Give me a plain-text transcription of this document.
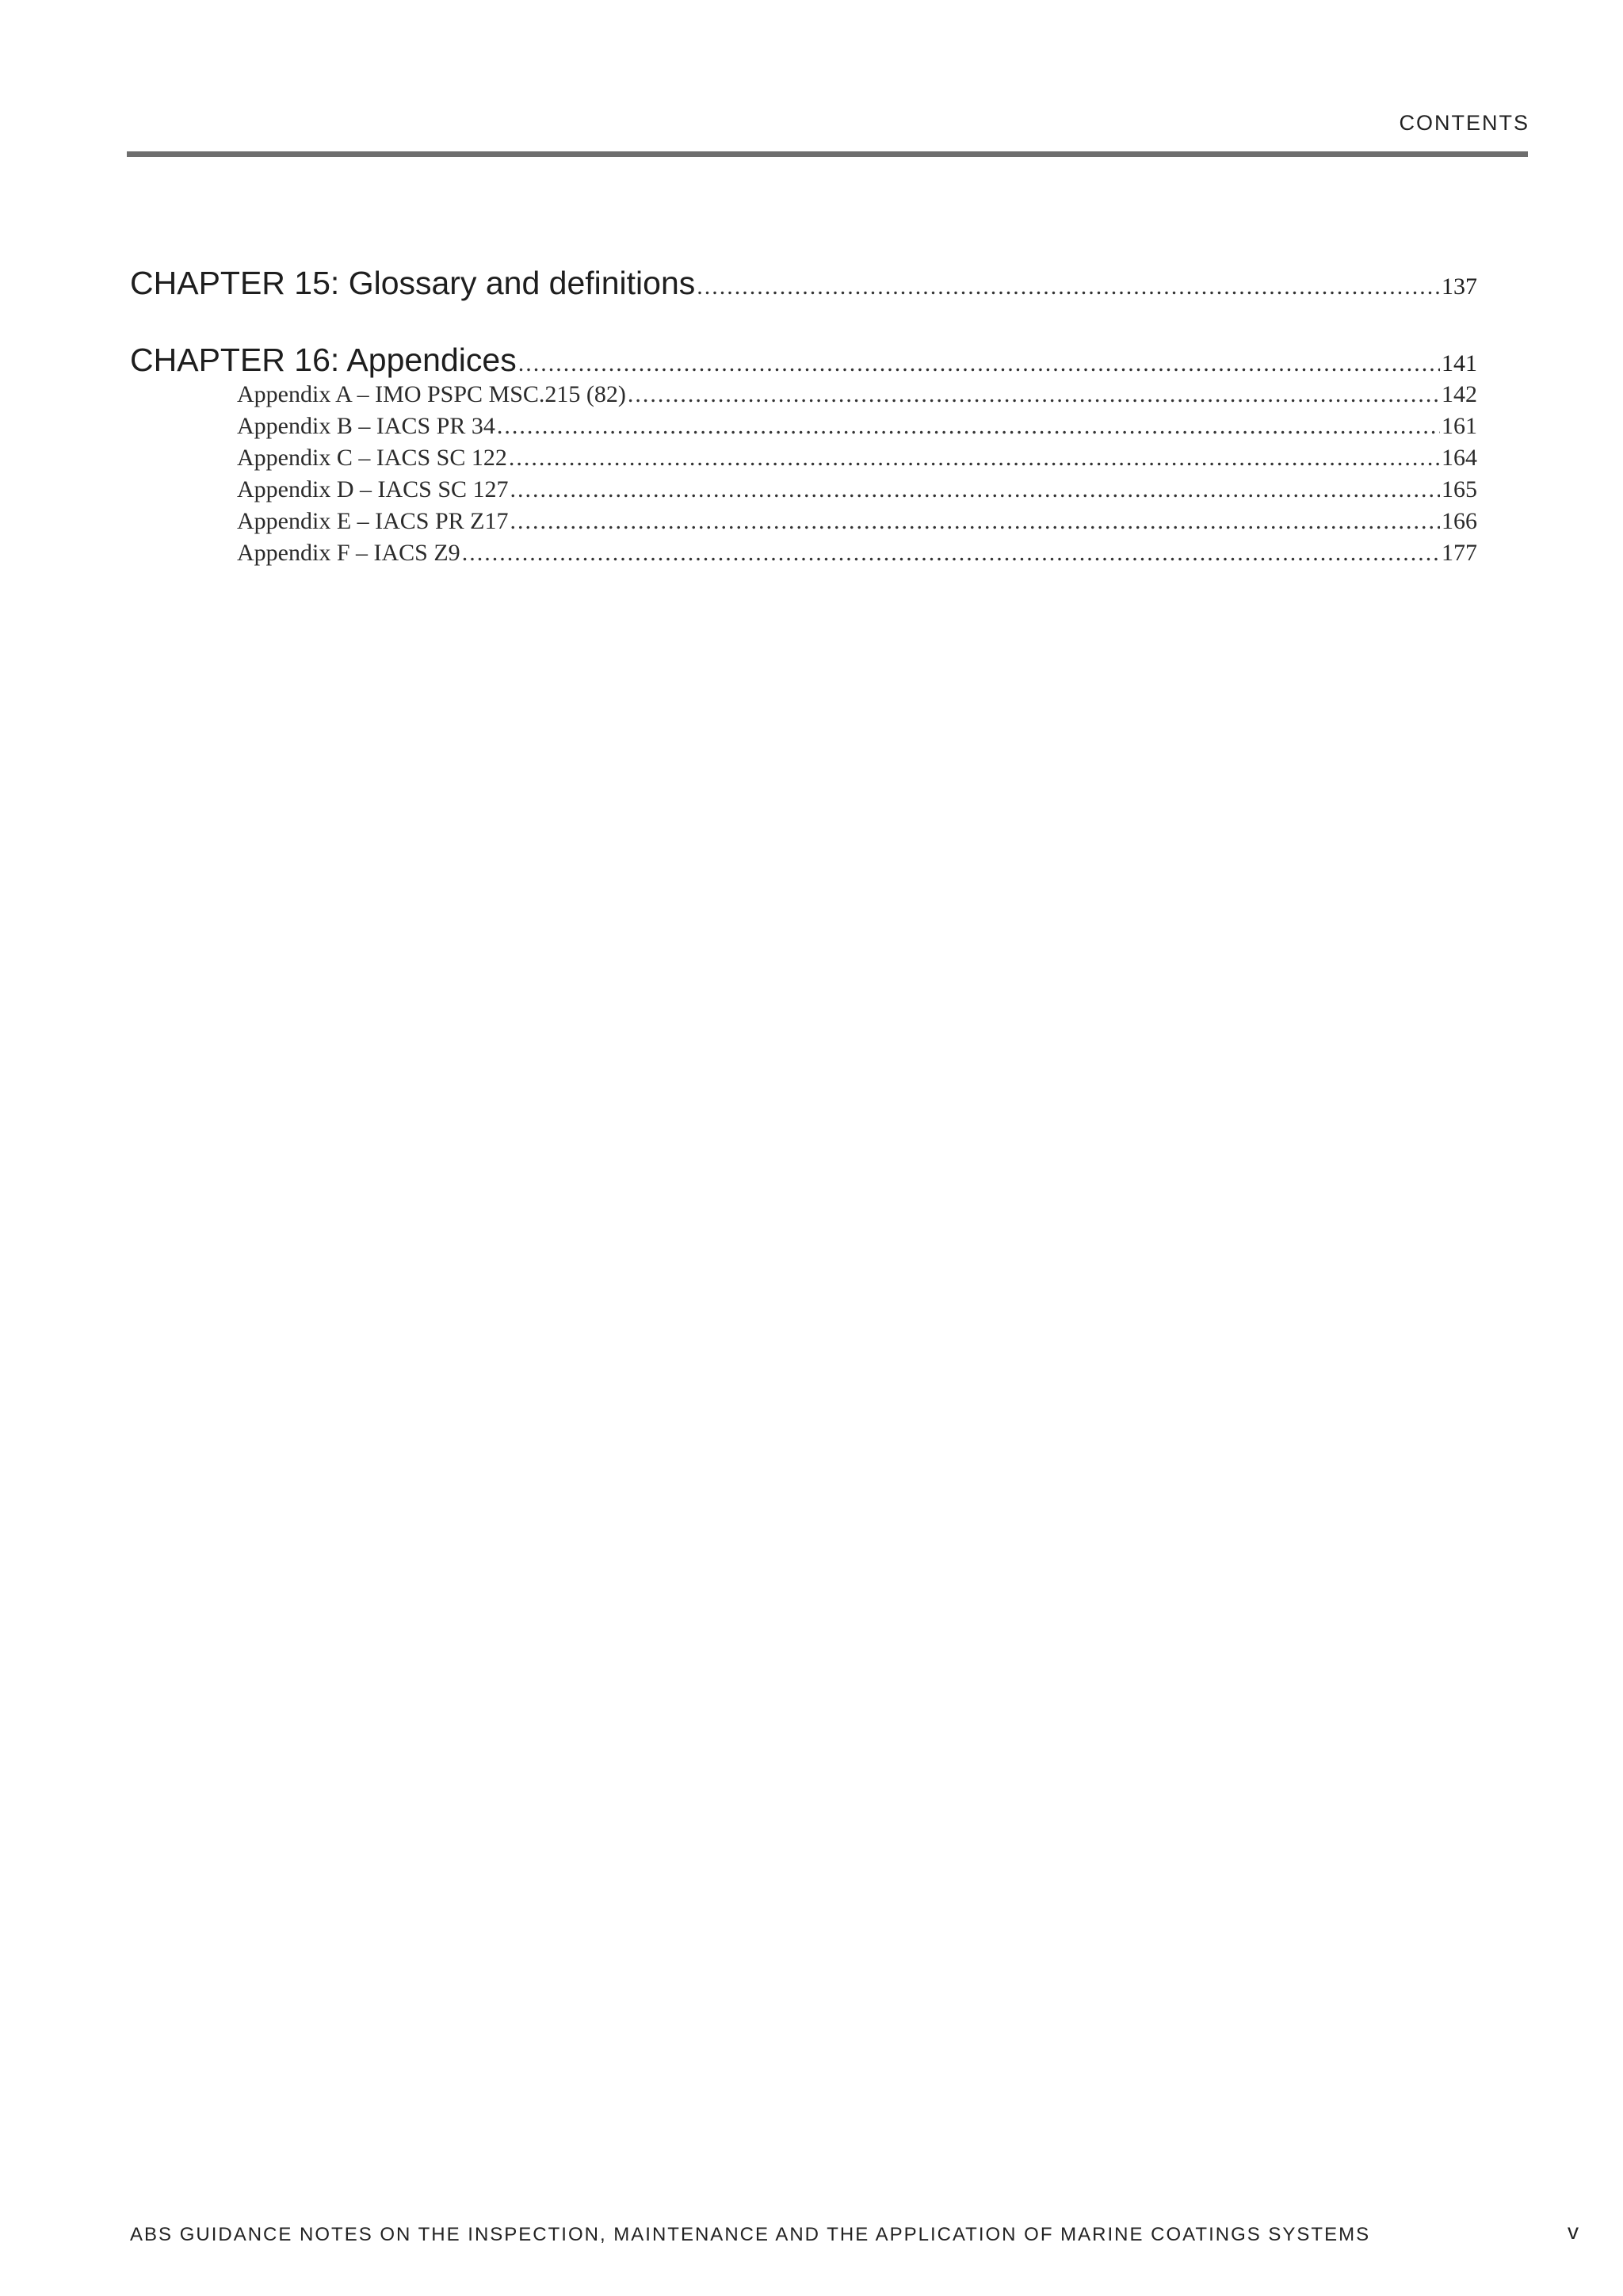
CONTENTS
CHAPTER 15: Glossary and definitions .....	137
CHAPTER 16: Appendices .....	141
Appendix A – IMO PSPC MSC.215 (82) .....	142
Appendix B – IACS PR 34 .....	161
Appendix C – IACS SC 122 .....	164
Appendix D – IACS SC 127 .....	165
Appendix E – IACS PR Z17 .....	166
Appendix F – IACS Z9 .....	177
ABS GUIDANCE NOTES ON THE INSPECTION, MAINTENANCE AND THE APPLICATION OF MARINE COATINGS SYSTEMS	v
